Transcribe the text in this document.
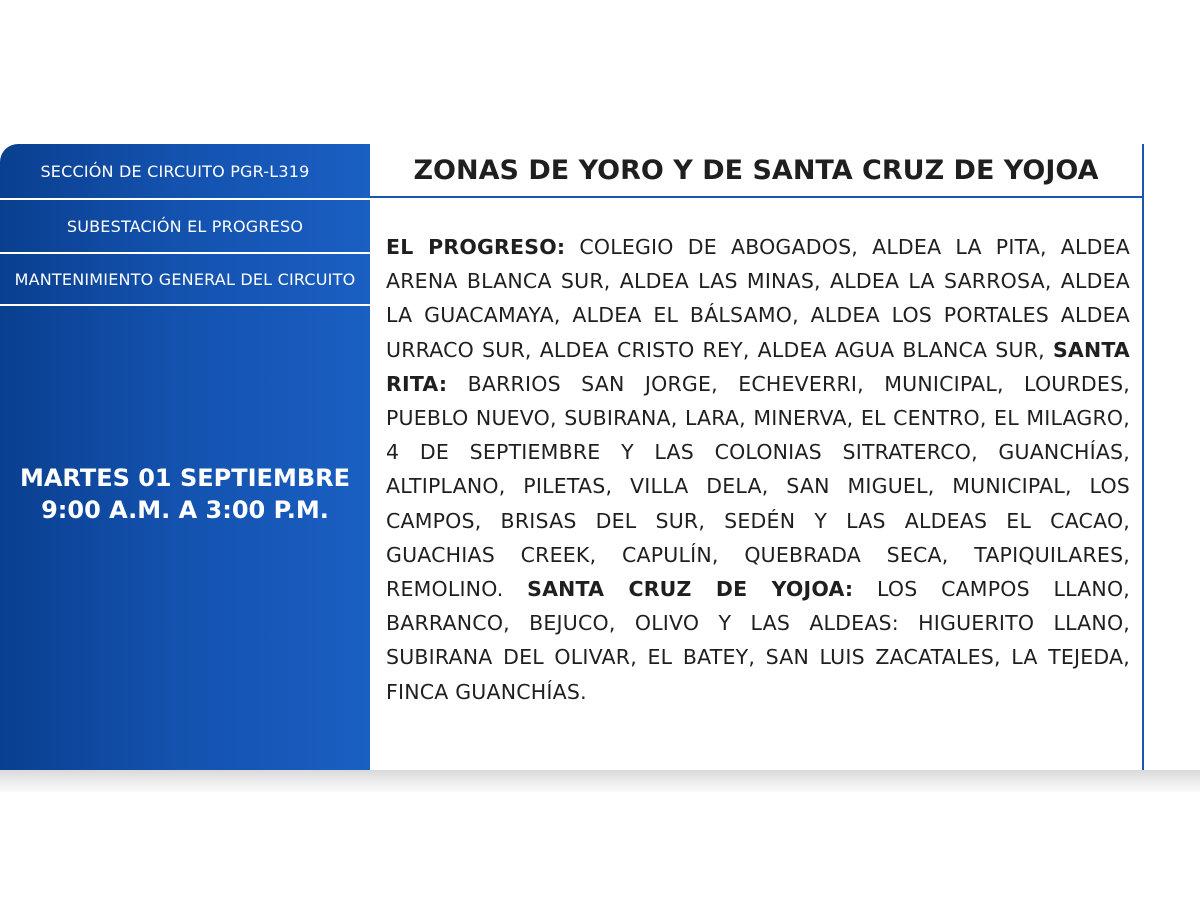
SECCIÓN DE CIRCUITO PGR-L319
SUBESTACIÓN EL PROGRESO
MANTENIMIENTO GENERAL DEL CIRCUITO
MARTES 01 SEPTIEMBRE
9:00 A.M. A 3:00 P.M.
ZONAS DE YORO Y DE SANTA CRUZ DE YOJOA
EL PROGRESO: COLEGIO DE ABOGADOS, ALDEA LA PITA, ALDEA ARENA BLANCA SUR, ALDEA LAS MINAS, ALDEA LA SARROSA, ALDEA LA GUACAMAYA, ALDEA EL BÁLSAMO, ALDEA LOS PORTALES ALDEA URRACO SUR, ALDEA CRISTO REY, ALDEA AGUA BLANCA SUR, SANTA RITA: BARRIOS SAN JORGE, ECHEVERRI, MUNICIPAL, LOURDES, PUEBLO NUEVO, SUBIRANA, LARA, MINERVA, EL CENTRO, EL MILAGRO, 4 DE SEPTIEMBRE Y LAS COLONIAS SITRATERCO, GUANCHÍAS, ALTIPLANO, PILETAS, VILLA DELA, SAN MIGUEL, MUNICIPAL, LOS CAMPOS, BRISAS DEL SUR, SEDÉN Y LAS ALDEAS EL CACAO, GUACHIAS CREEK, CAPULÍN, QUEBRADA SECA, TAPIQUILARES, REMOLINO. SANTA CRUZ DE YOJOA: LOS CAMPOS LLANO, BARRANCO, BEJUCO, OLIVO Y LAS ALDEAS: HIGUERITO LLANO, SUBIRANA DEL OLIVAR, EL BATEY, SAN LUIS ZACATALES, LA TEJEDA, FINCA GUANCHÍAS.
